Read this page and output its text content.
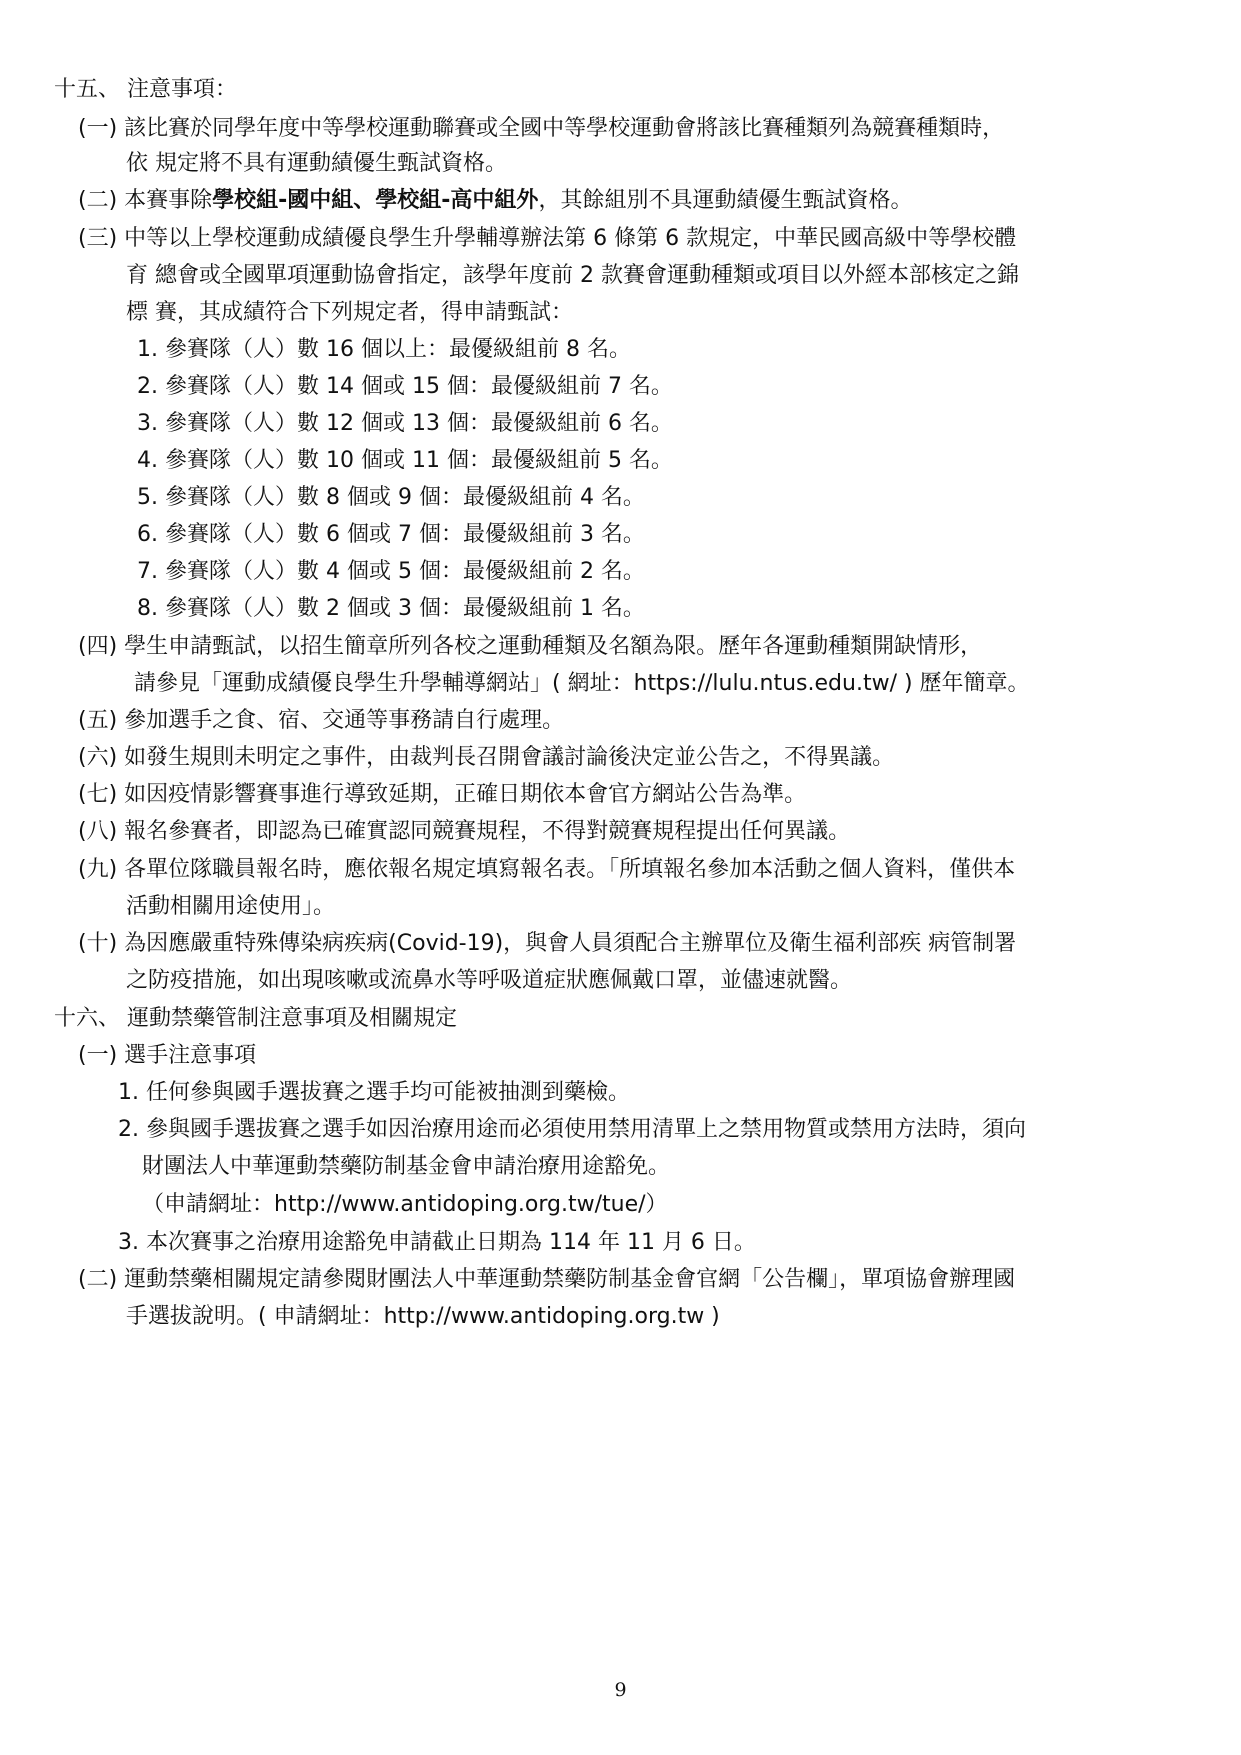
十五、 注意事項：
(一) 該比賽於同學年度中等學校運動聯賽或全國中等學校運動會將該比賽種類列為競賽種類時，
依 規定將不具有運動績優生甄試資格。
(二) 本賽事除學校組-國中組、學校組-高中組外，其餘組別不具運動績優生甄試資格。
(三) 中等以上學校運動成績優良學生升學輔導辦法第 6 條第 6 款規定，中華民國高級中等學校體
育 總會或全國單項運動協會指定，該學年度前 2 款賽會運動種類或項目以外經本部核定之錦
標 賽，其成績符合下列規定者，得申請甄試：
1. 參賽隊（人）數 16 個以上：最優級組前 8 名。
2. 參賽隊（人）數 14 個或 15 個：最優級組前 7 名。
3. 參賽隊（人）數 12 個或 13 個：最優級組前 6 名。
4. 參賽隊（人）數 10 個或 11 個：最優級組前 5 名。
5. 參賽隊（人）數 8 個或 9 個：最優級組前 4 名。
6. 參賽隊（人）數 6 個或 7 個：最優級組前 3 名。
7. 參賽隊（人）數 4 個或 5 個：最優級組前 2 名。
8. 參賽隊（人）數 2 個或 3 個：最優級組前 1 名。
(四) 學生申請甄試，以招生簡章所列各校之運動種類及名額為限。歷年各運動種類開缺情形，
請參見「運動成績優良學生升學輔導網站」( 網址：https://lulu.ntus.edu.tw/ ) 歷年簡章。
(五) 參加選手之食、宿、交通等事務請自行處理。
(六) 如發生規則未明定之事件，由裁判長召開會議討論後決定並公告之，不得異議。
(七) 如因疫情影響賽事進行導致延期，正確日期依本會官方網站公告為準。
(八) 報名參賽者，即認為已確實認同競賽規程，不得對競賽規程提出任何異議。
(九) 各單位隊職員報名時，應依報名規定填寫報名表。「所填報名參加本活動之個人資料，僅供本
活動相關用途使用」。
(十) 為因應嚴重特殊傳染病疾病(Covid-19)，與會人員須配合主辦單位及衛生福利部疾 病管制署
之防疫措施，如出現咳嗽或流鼻水等呼吸道症狀應佩戴口罩，並儘速就醫。
十六、 運動禁藥管制注意事項及相關規定
(一) 選手注意事項
1. 任何參與國手選拔賽之選手均可能被抽測到藥檢。
2. 參與國手選拔賽之選手如因治療用途而必須使用禁用清單上之禁用物質或禁用方法時，須向
財團法人中華運動禁藥防制基金會申請治療用途豁免。
（申請網址：http://www.antidoping.org.tw/tue/）
3. 本次賽事之治療用途豁免申請截止日期為 114 年 11 月 6 日。
(二) 運動禁藥相關規定請參閱財團法人中華運動禁藥防制基金會官網「公告欄」，單項協會辦理國
手選拔說明。( 申請網址：http://www.antidoping.org.tw )
9
